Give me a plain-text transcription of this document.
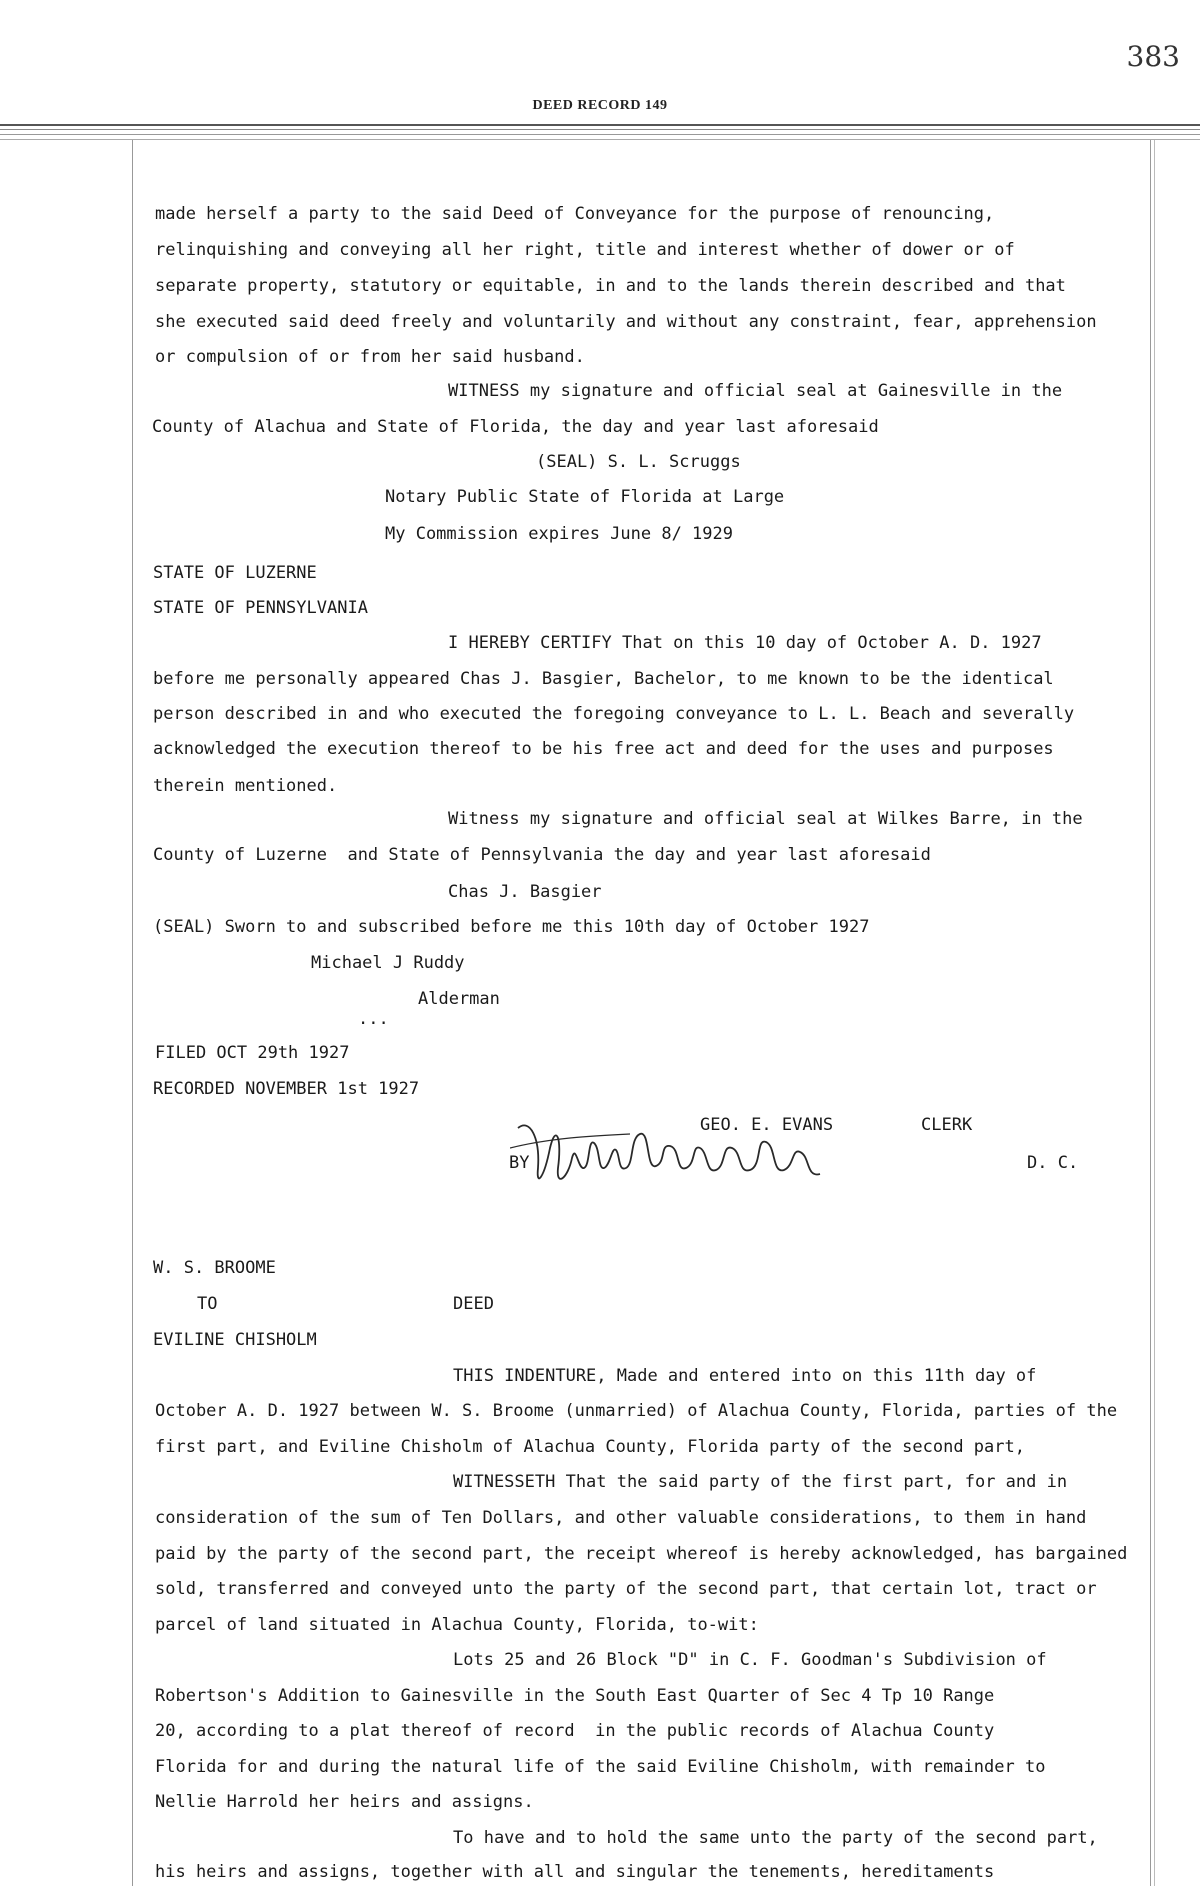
383
DEED RECORD 149
made herself a party to the said Deed of Conveyance for the purpose of renouncing,
relinquishing and conveying all her right, title and interest whether of dower or of
separate property, statutory or equitable, in and to the lands therein described and that
she executed said deed freely and voluntarily and without any constraint, fear, apprehension
or compulsion of or from her said husband.
WITNESS my signature and official seal at Gainesville in the
County of Alachua and State of Florida, the day and year last aforesaid
(SEAL) S. L. Scruggs
Notary Public State of Florida at Large
My Commission expires June 8/ 1929
STATE OF LUZERNE
STATE OF PENNSYLVANIA
I HEREBY CERTIFY That on this 10 day of October A. D. 1927
before me personally appeared Chas J. Basgier, Bachelor, to me known to be the identical
person described in and who executed the foregoing conveyance to L. L. Beach and severally
acknowledged the execution thereof to be his free act and deed for the uses and purposes
therein mentioned.
Witness my signature and official seal at Wilkes Barre, in the
County of Luzerne  and State of Pennsylvania the day and year last aforesaid
Chas J. Basgier
(SEAL) Sworn to and subscribed before me this 10th day of October 1927
Michael J Ruddy
Alderman
...
FILED OCT 29th 1927
RECORDED NOVEMBER 1st 1927
GEO. E. EVANS	CLERK
BY	D. C.
W. S. BROOME
TO	DEED
EVILINE CHISHOLM
THIS INDENTURE, Made and entered into on this 11th day of
October A. D. 1927 between W. S. Broome (unmarried) of Alachua County, Florida, parties of the
first part, and Eviline Chisholm of Alachua County, Florida party of the second part,
WITNESSETH That the said party of the first part, for and in
consideration of the sum of Ten Dollars, and other valuable considerations, to them in hand
paid by the party of the second part, the receipt whereof is hereby acknowledged, has bargained
sold, transferred and conveyed unto the party of the second part, that certain lot, tract or
parcel of land situated in Alachua County, Florida, to-wit:
Lots 25 and 26 Block "D" in C. F. Goodman's Subdivision of
Robertson's Addition to Gainesville in the South East Quarter of Sec 4 Tp 10 Range
20, according to a plat thereof of record  in the public records of Alachua County
Florida for and during the natural life of the said Eviline Chisholm, with remainder to
Nellie Harrold her heirs and assigns.
To have and to hold the same unto the party of the second part,
his heirs and assigns, together with all and singular the tenements, hereditaments
